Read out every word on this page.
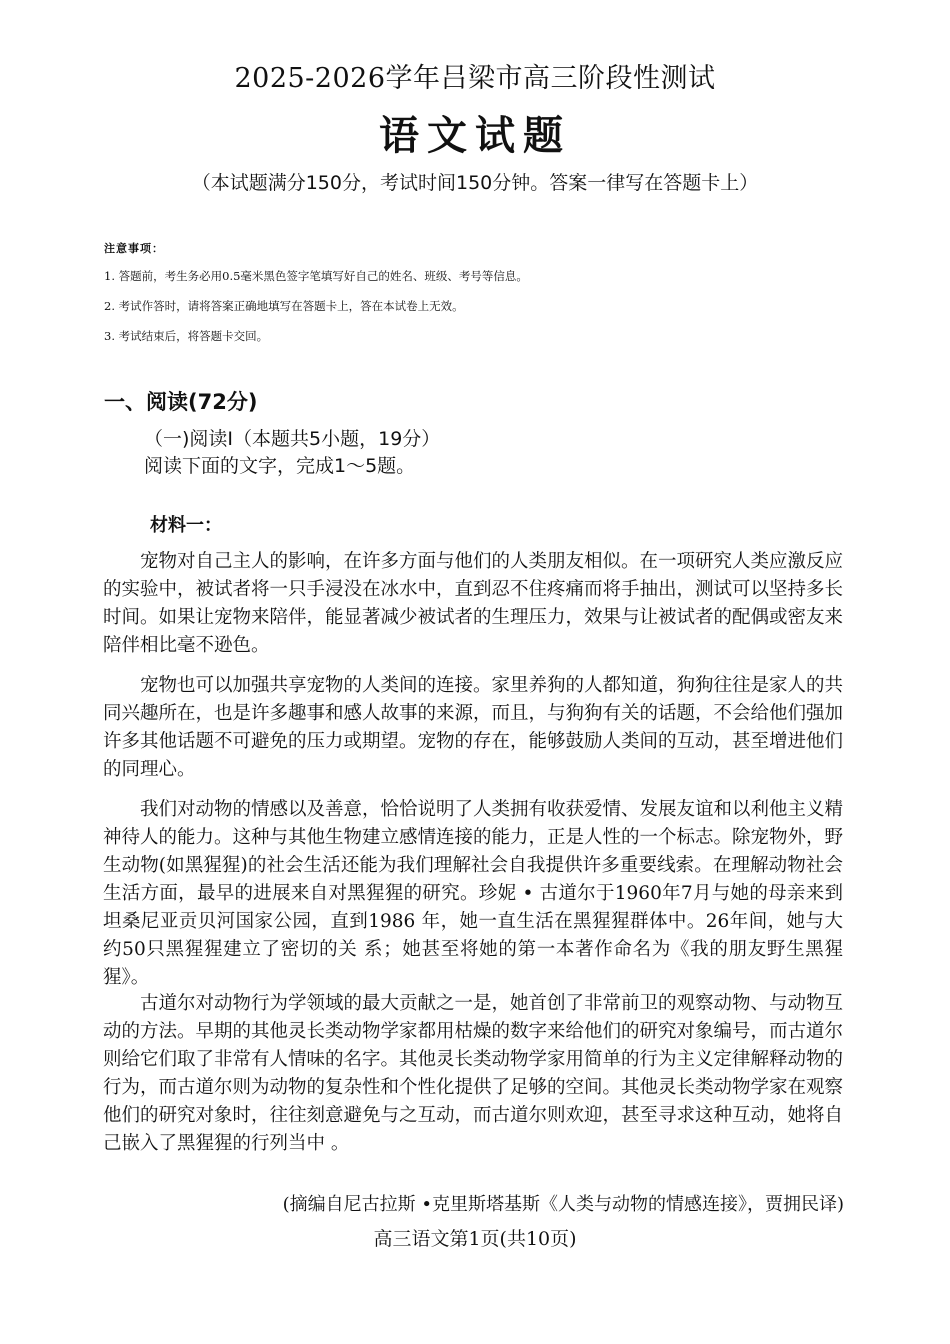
2025-2026学年吕梁市高三阶段性测试
语文试题
（本试题满分150分，考试时间150分钟。答案一律写在答题卡上）
注意事项：
1. 答题前，考生务必用0.5毫米黑色签字笔填写好自己的姓名、班级、考号等信息。
2. 考试作答时，请将答案正确地填写在答题卡上，答在本试卷上无效。
3. 考试结束后，将答题卡交回。
一、阅读(72分)
（一)阅读Ⅰ（本题共5小题，19分）阅读下面的文字，完成1～5题。
材料一：

宠物对自己主人的影响，在许多方面与他们的人类朋友相似。在一项研究人类应激反应的实验中，被试者将一只手浸没在冰水中，直到忍不住疼痛而将手抽出，测试可以坚持多长时间。如果让宠物来陪伴，能显著减少被试者的生理压力，效果与让被试者的配偶或密友来陪伴相比毫不逊色。

宠物也可以加强共享宠物的人类间的连接。家里养狗的人都知道，狗狗往往是家人的共同兴趣所在，也是许多趣事和感人故事的来源，而且，与狗狗有关的话题，不会给他们强加许多其他话题不可避免的压力或期望。宠物的存在，能够鼓励人类间的互动，甚至增进他们的同理心。

我们对动物的情感以及善意，恰恰说明了人类拥有收获爱情、发展友谊和以利他主义精神待人的能力。这种与其他生物建立感情连接的能力，正是人性的一个标志。除宠物外，野生动物(如黑猩猩)的社会生活还能为我们理解社会自我提供许多重要线索。在理解动物社会生活方面，最早的进展来自对黑猩猩的研究。珍妮 • 古道尔于1960年7月与她的母亲来到坦桑尼亚贡贝河国家公园，直到1986 年，她一直生活在黑猩猩群体中。26年间，她与大约50只黑猩猩建立了密切的关 系；她甚至将她的第一本著作命名为《我的朋友野生黑猩猩》。

古道尔对动物行为学领域的最大贡献之一是，她首创了非常前卫的观察动物、与动物互动的方法。早期的其他灵长类动物学家都用枯燥的数字来给他们的研究对象编号，而古道尔则给它们取了非常有人情味的名字。其他灵长类动物学家用简单的行为主义定律解释动物的行为，而古道尔则为动物的复杂性和个性化提供了足够的空间。其他灵长类动物学家在观察他们的研究对象时，往往刻意避免与之互动，而古道尔则欢迎，甚至寻求这种互动，她将自己嵌入了黑猩猩的行列当中 。

(摘编自尼古拉斯 •克里斯塔基斯《人类与动物的情感连接》，贾拥民译)
高三语文第1页(共10页)
